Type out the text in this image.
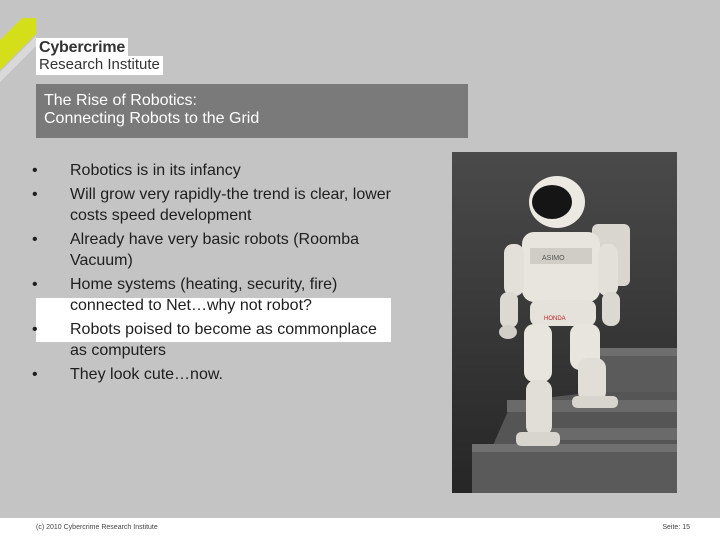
Cybercrime
Research Institute
The Rise of Robotics:
Connecting Robots to the Grid
• Robotics is in its infancy
• Will grow very rapidly-the trend is clear, lower costs speed development
• Already have very basic robots (Roomba Vacuum)
• Home systems (heating, security, fire) connected to Net…why not robot?
• Robots poised to become as commonplace as computers
• They look cute…now.
ASIMO
HONDA
(c) 2010 Cybercrime Research Institute	Seite: 15
